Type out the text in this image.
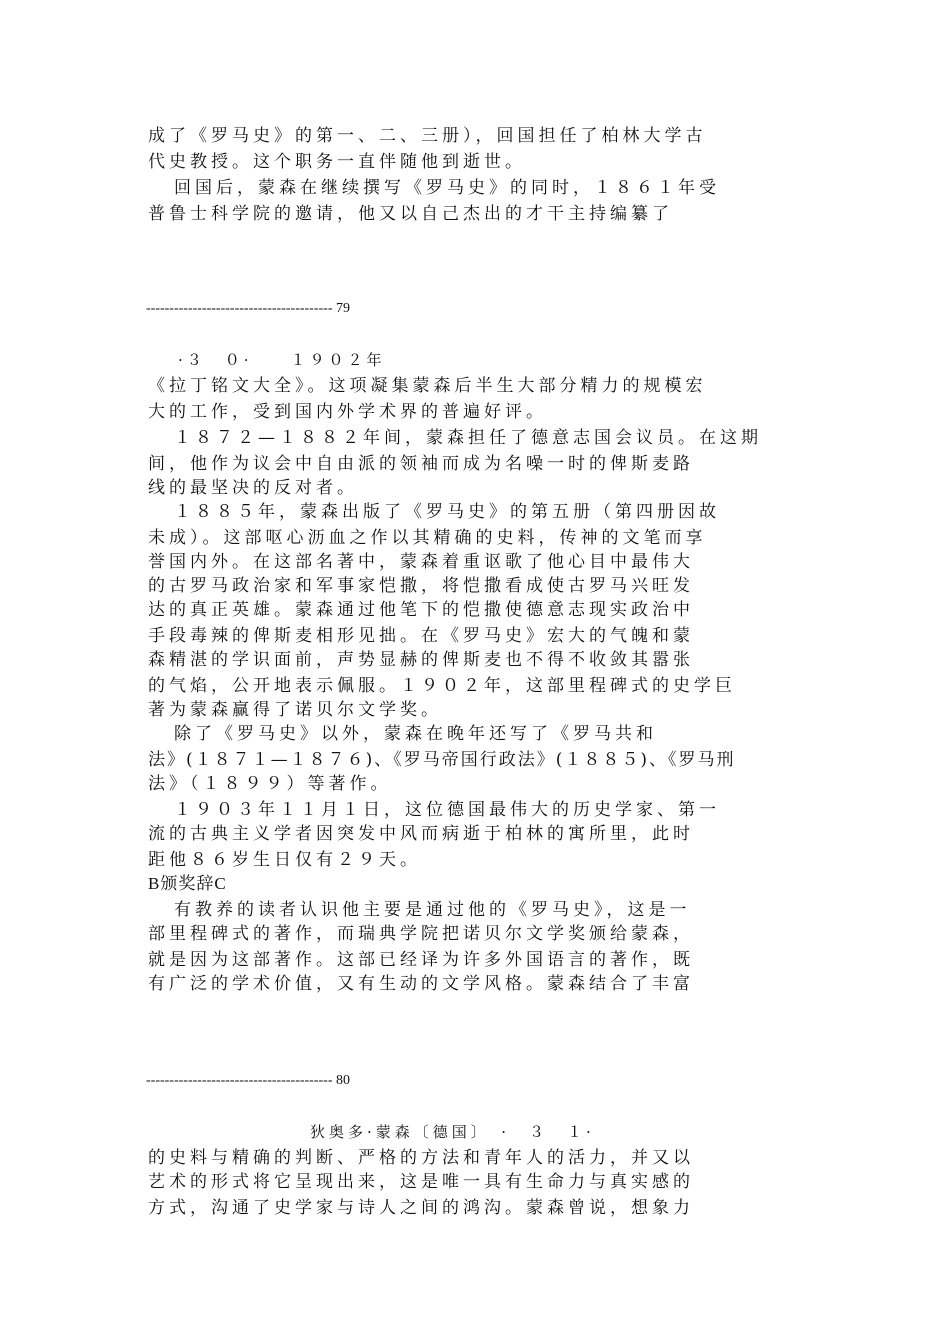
成了《罗马史》的第一、二、三册），回国担任了柏林大学古
代史教授。这个职务一直伴随他到逝世。
回国后，蒙森在继续撰写《罗马史》的同时，１８６１年受
普鲁士科学院的邀请，他又以自己杰出的才干主持编纂了
---------------------------------------- 79
·３　０·　　１９０２年
《拉丁铭文大全》。这项凝集蒙森后半生大部分精力的规模宏
大的工作，受到国内外学术界的普遍好评。
１８７２—１８８２年间，蒙森担任了德意志国会议员。在这期
间，他作为议会中自由派的领袖而成为名噪一时的俾斯麦路
线的最坚决的反对者。
１８８５年，蒙森出版了《罗马史》的第五册（第四册因故
未成）。这部呕心沥血之作以其精确的史料，传神的文笔而享
誉国内外。在这部名著中，蒙森着重讴歌了他心目中最伟大
的古罗马政治家和军事家恺撒，将恺撒看成使古罗马兴旺发
达的真正英雄。蒙森通过他笔下的恺撒使德意志现实政治中
手段毒辣的俾斯麦相形见拙。在《罗马史》宏大的气魄和蒙
森精湛的学识面前，声势显赫的俾斯麦也不得不收敛其嚣张
的气焰，公开地表示佩服。１９０２年，这部里程碑式的史学巨
著为蒙森赢得了诺贝尔文学奖。
除了《罗马史》以外，蒙森在晚年还写了《罗马共和
法》(１８７１—１８７６)、《罗马帝国行政法》(１８８５)、《罗马刑
法》（１８９９）等著作。
１９０３年１１月１日，这位德国最伟大的历史学家、第一
流的古典主义学者因突发中风而病逝于柏林的寓所里，此时
距他８６岁生日仅有２９天。
B颁奖辞C
有教养的读者认识他主要是通过他的《罗马史》，这是一
部里程碑式的著作，而瑞典学院把诺贝尔文学奖颁给蒙森，
就是因为这部著作。这部已经译为许多外国语言的著作，既
有广泛的学术价值，又有生动的文学风格。蒙森结合了丰富
---------------------------------------- 80
狄奥多·蒙森〔德国〕　·　３　１·
的史料与精确的判断、严格的方法和青年人的活力，并又以
艺术的形式将它呈现出来，这是唯一具有生命力与真实感的
方式，沟通了史学家与诗人之间的鸿沟。蒙森曾说，想象力
